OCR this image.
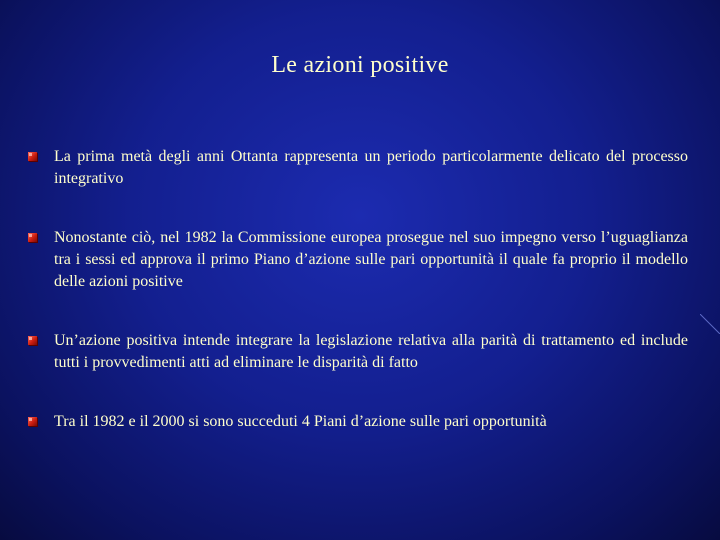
Le azioni positive
La prima metà degli anni Ottanta rappresenta un periodo particolarmente delicato del processo integrativo
Nonostante ciò, nel 1982 la Commissione europea prosegue nel suo impegno verso l’uguaglianza tra i sessi ed approva il primo Piano d’azione sulle pari opportunità il quale fa proprio il modello delle azioni positive
Un’azione positiva intende integrare la legislazione relativa alla parità di trattamento ed include tutti i provvedimenti atti ad eliminare le disparità di fatto
Tra il 1982 e il 2000 si sono succeduti 4 Piani d’azione sulle pari opportunità
